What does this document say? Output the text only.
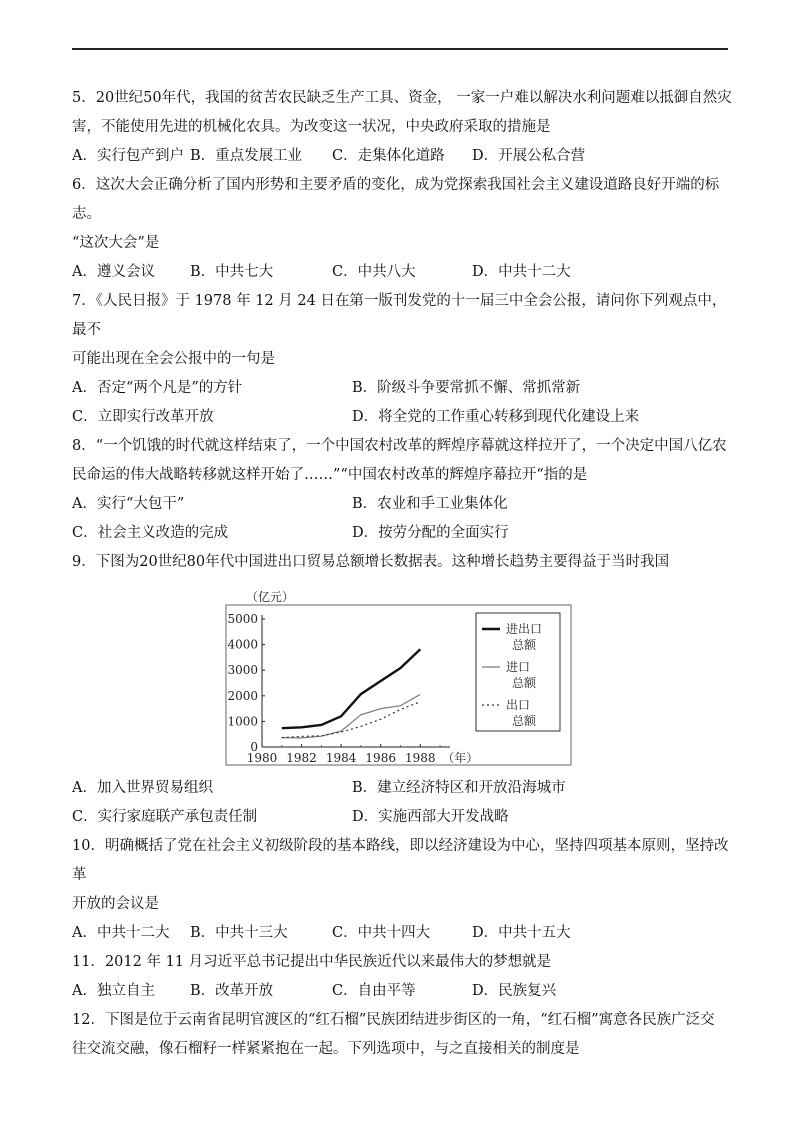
5．20世纪50年代，我国的贫苦农民缺乏生产工具、资金， 一家一户难以解决水利问题难以抵御自然灾

害，不能使用先进的机械化农具。为改变这一状况，中央政府采取的措施是

A．实行包产到户 B．重点发展工业	C．走集体化道路	D．开展公私合营

6．这次大会正确分析了国内形势和主要矛盾的变化，成为党探索我国社会主义建设道路良好开端的标志。

“这次大会”是

A．遵义会议	B．中共七大	C．中共八大	D．中共十二大

7．《人民日报》于 1978 年 12 月 24 日在第一版刊发党的十一届三中全会公报，请问你下列观点中，最不

可能出现在全会公报中的一句是

A．否定“两个凡是”的方针	B．阶级斗争要常抓不懈、常抓常新
C．立即实行改革开放	D．将全党的工作重心转移到现代化建设上来

8．“一个饥饿的时代就这样结束了，一个中国农村改革的辉煌序幕就这样拉开了，一个决定中国八亿农

民命运的伟大战略转移就这样开始了……”“中国农村改革的辉煌序幕拉开“指的是

A．实行“大包干”	B．农业和手工业集体化
C．社会主义改造的完成	D．按劳分配的全面实行

9．下图为20世纪80年代中国进出口贸易总额增长数据表。这种增长趋势主要得益于当时我国

（亿元）
0
1000
2000
3000
4000
5000
1980 1982 1984 1986 1988 （年）
进出口
总额
进口
总额
出口
总额
A．加入世界贸易组织	B．建立经济特区和开放沿海城市
C．实行家庭联产承包责任制	D．实施西部大开发战略

10．明确概括了党在社会主义初级阶段的基本路线，即以经济建设为中心，坚持四项基本原则，坚持改革

开放的会议是

A．中共十二大	B．中共十三大	C．中共十四大	D．中共十五大

11．2012 年 11 月习近平总书记提出中华民族近代以来最伟大的梦想就是

A．独立自主	B．改革开放	C．自由平等	D．民族复兴

12．下图是位于云南省昆明官渡区的“红石榴”民族团结进步街区的一角，“红石榴”寓意各民族广泛交

往交流交融，像石榴籽一样紧紧抱在一起。下列选项中，与之直接相关的制度是
